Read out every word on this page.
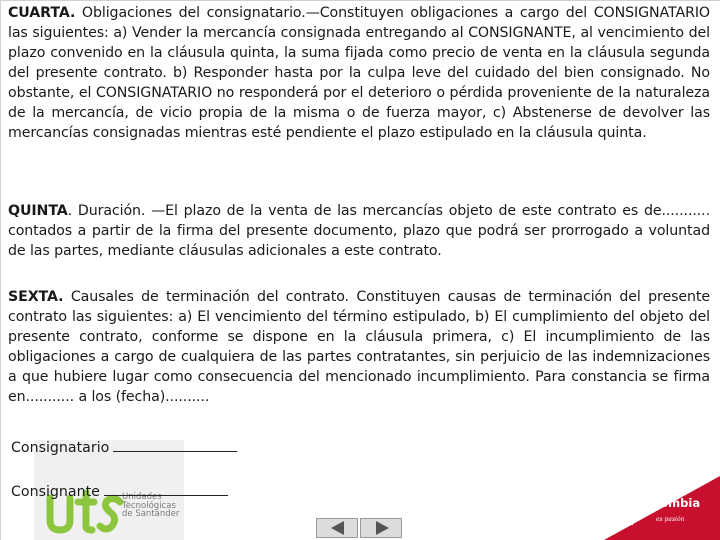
CUARTA. Obligaciones del consignatario.—Constituyen obligaciones a cargo del CONSIGNATARIO las siguientes: a) Vender la mercancía consignada entregando al CONSIGNANTE, al vencimiento del plazo convenido en la cláusula quinta, la suma fijada como precio de venta en la cláusula segunda del presente contrato. b) Responder hasta por la culpa leve del cuidado del bien consignado. No obstante, el CONSIGNATARIO no responderá por el deterioro o pérdida proveniente de la naturaleza de la mercancía, de vicio propia de la misma o de fuerza mayor, c) Abstenerse de devolver las mercancías consignadas mientras esté pendiente el plazo estipulado en la cláusula quinta.
QUINTA. Duración. —El plazo de la venta de las mercancías objeto de este contrato es de........... contados a partir de la firma del presente documento, plazo que podrá ser prorrogado a voluntad de las partes, mediante cláusulas adicionales a este contrato.
SEXTA. Causales de terminación del contrato. Constituyen causas de terminación del presente contrato las siguientes: a) El vencimiento del término estipulado, b) El cumplimiento del objeto del presente contrato, conforme se dispone en la cláusula primera, c) El incumplimiento de las obligaciones a cargo de cualquiera de las partes contratantes, sin perjuicio de las indemnizaciones a que hubiere lugar como consecuencia del mencionado incumplimiento. Para constancia se firma en........... a los (fecha)..........
Unidades
Tecnológicas
de Santander
Consignatario
Consignante
Colombia
es pasión
